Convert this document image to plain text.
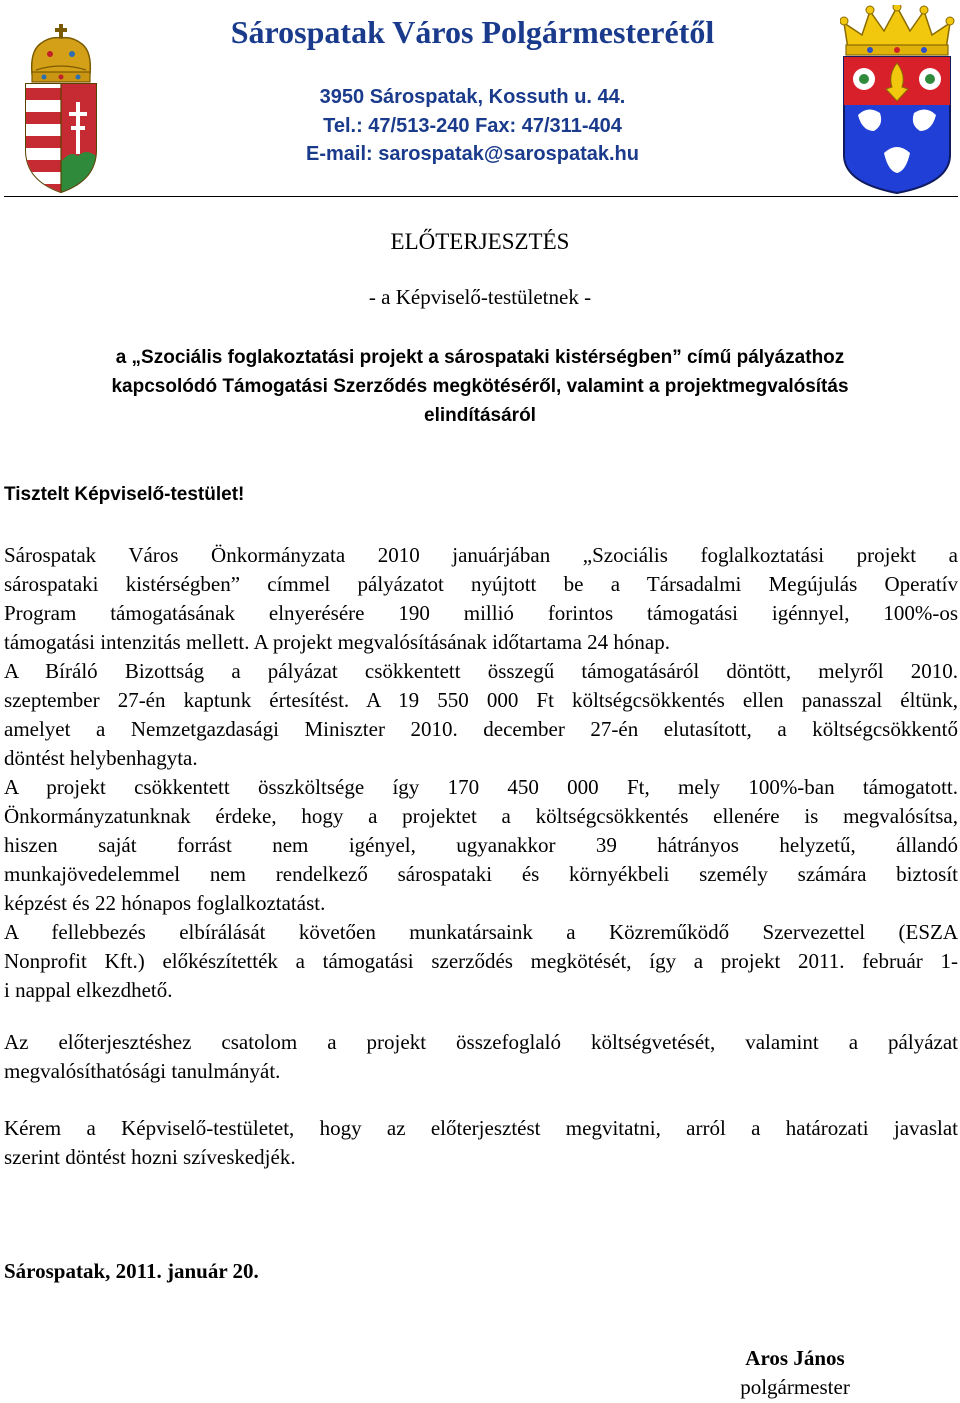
Sárospatak Város Polgármesterétől
3950 Sárospatak, Kossuth u. 44.
Tel.: 47/513-240 Fax: 47/311-404
E-mail: sarospatak@sarospatak.hu
ELŐTERJESZTÉS
- a Képviselő-testületnek -
a „Szociális foglakoztatási projekt a sárospataki kistérségben” című pályázathoz
kapcsolódó Támogatási Szerződés megkötéséről, valamint a projektmegvalósítás
elindításáról
Tisztelt Képviselő-testület!
Sárospatak Város Önkormányzata 2010 januárjában „Szociális foglalkoztatási projekt a
sárospataki kistérségben” címmel pályázatot nyújtott be a Társadalmi Megújulás Operatív
Program támogatásának elnyerésére 190 millió forintos támogatási igénnyel, 100%-os
támogatási intenzitás mellett. A projekt megvalósításának időtartama 24 hónap.
A Bíráló Bizottság a pályázat csökkentett összegű támogatásáról döntött, melyről 2010.
szeptember 27-én kaptunk értesítést. A 19 550 000 Ft költségcsökkentés ellen panasszal éltünk,
amelyet a Nemzetgazdasági Miniszter 2010. december 27-én elutasított, a költségcsökkentő
döntést helybenhagyta.
A projekt csökkentett összköltsége így 170 450 000 Ft, mely 100%-ban támogatott.
Önkormányzatunknak érdeke, hogy a projektet a költségcsökkentés ellenére is megvalósítsa,
hiszen saját forrást nem igényel, ugyanakkor 39 hátrányos helyzetű, állandó
munkajövedelemmel nem rendelkező sárospataki és környékbeli személy számára biztosít
képzést és 22 hónapos foglalkoztatást.
A fellebbezés elbírálását követően munkatársaink a Közreműködő Szervezettel (ESZA
Nonprofit Kft.) előkészítették a támogatási szerződés megkötését, így a projekt 2011. február 1-
i nappal elkezdhető.
Az előterjesztéshez csatolom a projekt összefoglaló költségvetését, valamint a pályázat
megvalósíthatósági tanulmányát.
Kérem a Képviselő-testületet, hogy az előterjesztést megvitatni, arról a határozati javaslat
szerint döntést hozni szíveskedjék.
Sárospatak, 2011. január 20.
Aros János
polgármester
